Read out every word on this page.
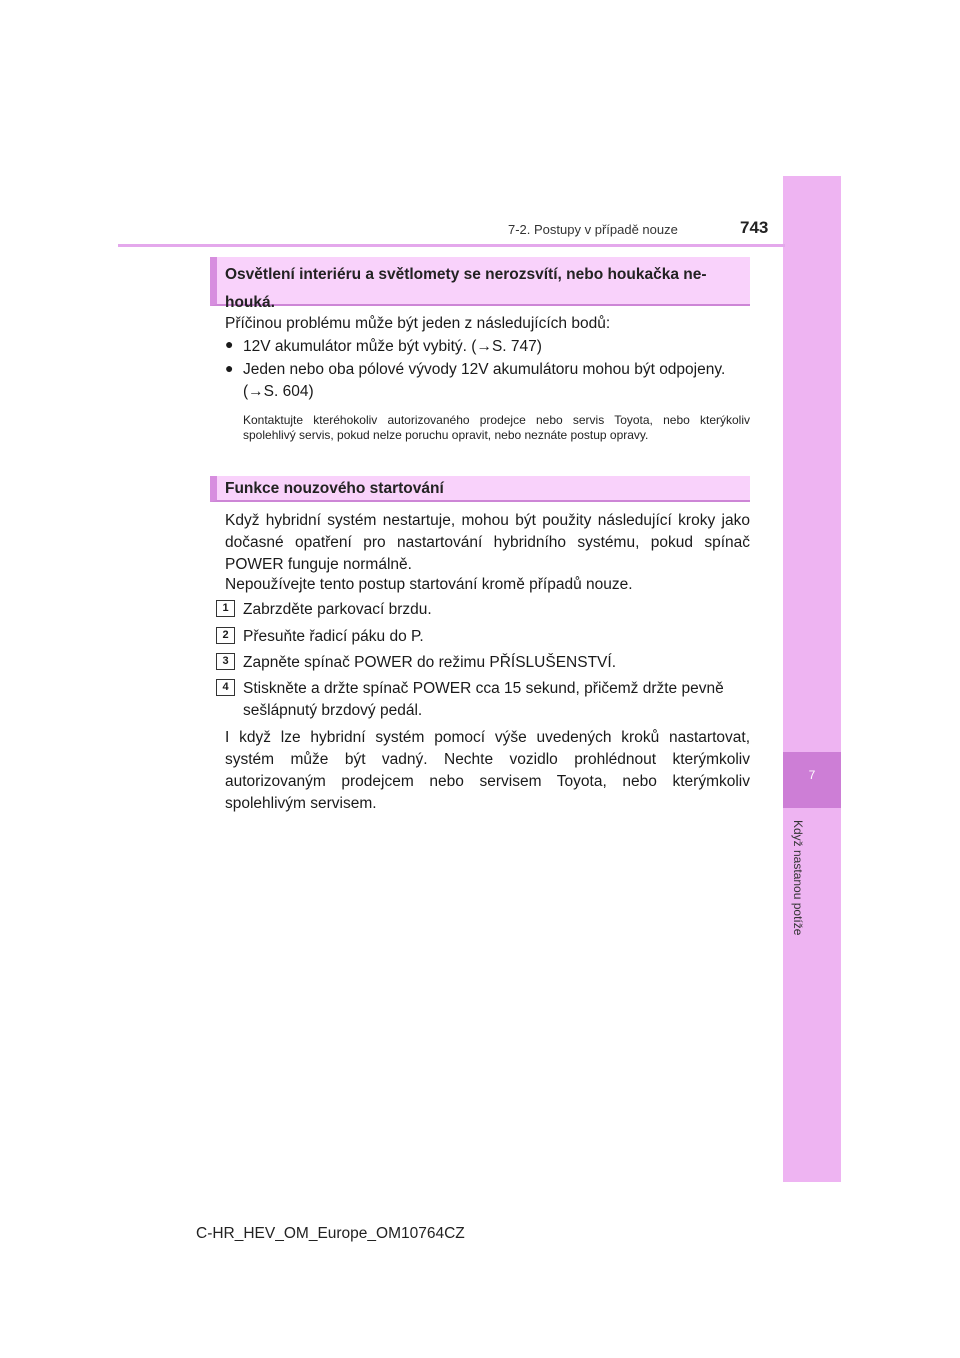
7
Když nastanou potíže
7-2. Postupy v případě nouze	743
Osvětlení interiéru a světlomety se nerozsvítí, nebo houkačka ne-houká.

Příčinou problému může být jeden z následujících bodů:

● 12V akumulátor může být vybitý. (→S. 747)

● Jeden nebo oba pólové vývody 12V akumulátoru mohou být odpojeny. (→S. 604)

Kontaktujte kteréhokoliv autorizovaného prodejce nebo servis Toyota, nebo kterýkoliv spolehlivý servis, pokud nelze poruchu opravit, nebo neznáte postup opravy.

Funkce nouzového startování

Když hybridní systém nestartuje, mohou být použity následující kroky jako dočasné opatření pro nastartování hybridního systému, pokud spínač POWER funguje normálně.

Nepoužívejte tento postup startování kromě případů nouze.

1 Zabrzděte parkovací brzdu.

2 Přesuňte řadicí páku do P.

3 Zapněte spínač POWER do režimu PŘÍSLUŠENSTVÍ.

4 Stiskněte a držte spínač POWER cca 15 sekund, přičemž držte pevně sešlápnutý brzdový pedál.

I když lze hybridní systém pomocí výše uvedených kroků nastartovat, systém může být vadný. Nechte vozidlo prohlédnout kterýmkoliv autorizovaným prodejcem nebo servisem Toyota, nebo kterýmkoliv spolehlivým servisem.

C-HR_HEV_OM_Europe_OM10764CZ
